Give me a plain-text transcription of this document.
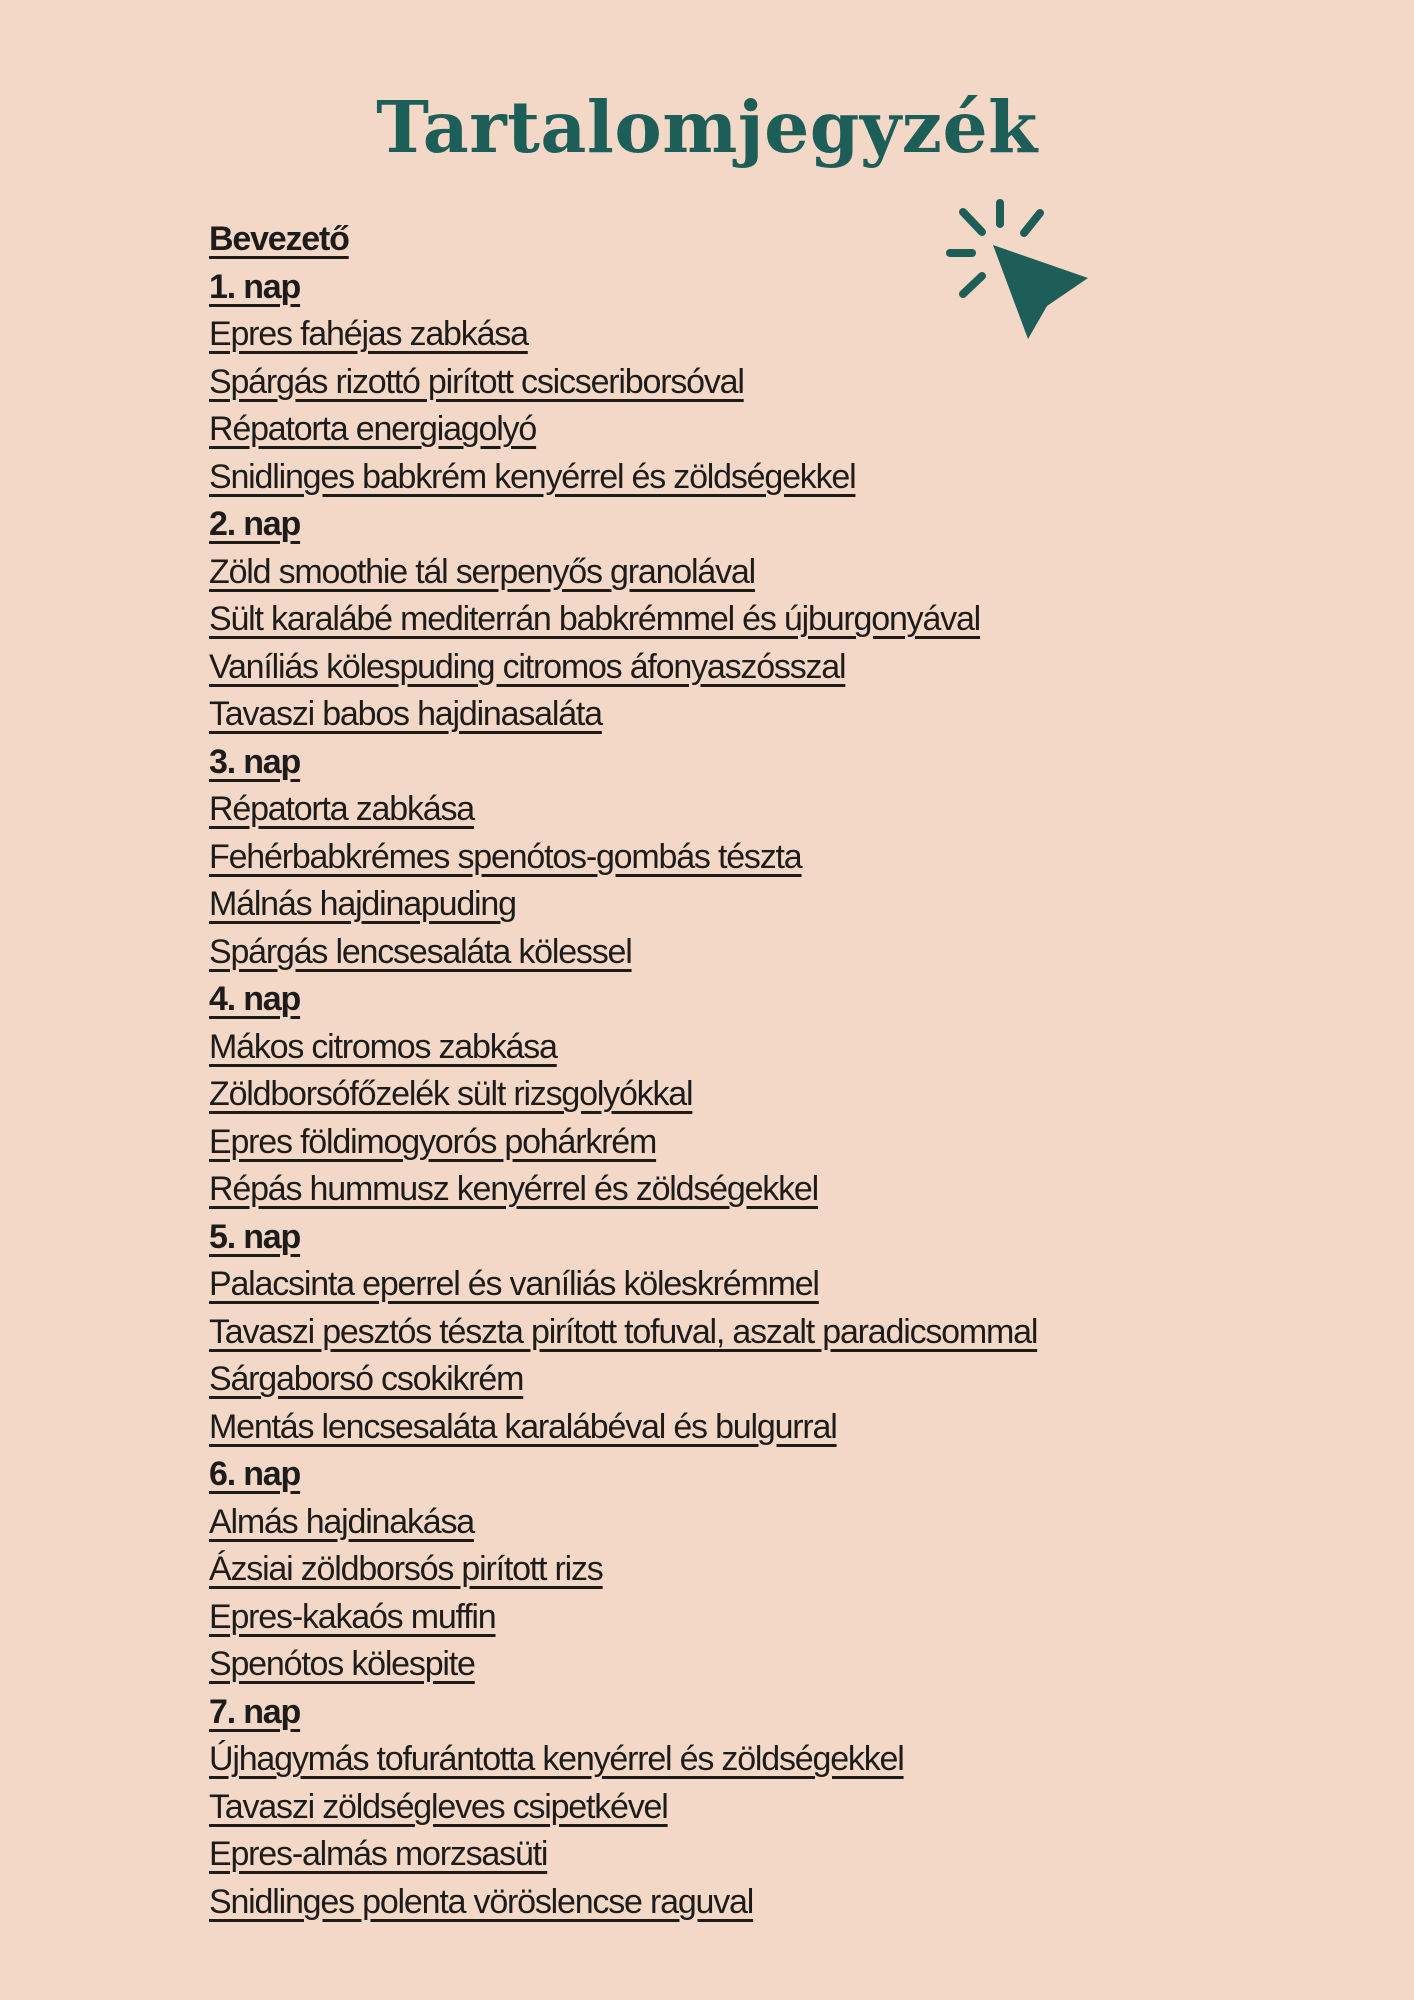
Tartalomjegyzék
Bevezető
1. nap
Epres fahéjas zabkása
Spárgás rizottó pirított csicseriborsóval
Répatorta energiagolyó
Snidlinges babkrém kenyérrel és zöldségekkel
2. nap
Zöld smoothie tál serpenyős granolával
Sült karalábé mediterrán babkrémmel és újburgonyával
Vaníliás kölespuding citromos áfonyaszósszal
Tavaszi babos hajdinasaláta
3. nap
Répatorta zabkása
Fehérbabkrémes spenótos-gombás tészta
Málnás hajdinapuding
Spárgás lencsesaláta kölessel
4. nap
Mákos citromos zabkása
Zöldborsófőzelék sült rizsgolyókkal
Epres földimogyorós pohárkrém
Répás hummusz kenyérrel és zöldségekkel
5. nap
Palacsinta eperrel és vaníliás köleskrémmel
Tavaszi pesztós tészta pirított tofuval, aszalt paradicsommal
Sárgaborsó csokikrém
Mentás lencsesaláta karalábéval és bulgurral
6. nap
Almás hajdinakása
Ázsiai zöldborsós pirított rizs
Epres-kakaós muffin
Spenótos kölespite
7. nap
Újhagymás tofurántotta kenyérrel és zöldségekkel
Tavaszi zöldségleves csipetkével
Epres-almás morzsasüti
Snidlinges polenta vöröslencse raguval
